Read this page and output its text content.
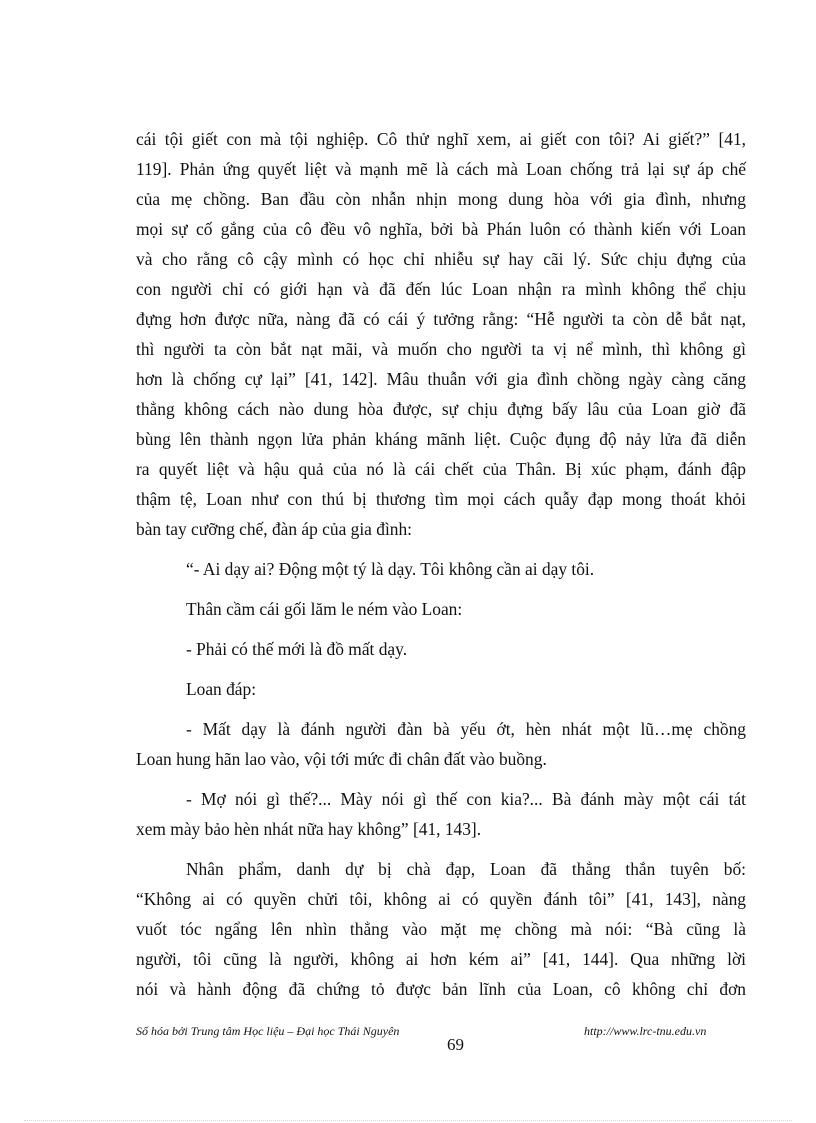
cái tội giết con mà tội nghiệp. Cô thử nghĩ xem, ai giết con tôi? Ai giết?” [41,
119]. Phản ứng quyết liệt và mạnh mẽ là cách mà Loan chống trả lại sự áp chế
của mẹ chồng. Ban đầu còn nhẫn nhịn mong dung hòa với gia đình, nhưng
mọi sự cố gắng của cô đều vô nghĩa, bởi bà Phán luôn có thành kiến với Loan
và cho rằng cô cậy mình có học chỉ nhiễu sự hay cãi lý. Sức chịu đựng của
con người chỉ có giới hạn và đã đến lúc Loan nhận ra mình không thể chịu
đựng hơn được nữa, nàng đã có cái ý tưởng rằng: “Hễ người ta còn dễ bắt nạt,
thì người ta còn bắt nạt mãi, và muốn cho người ta vị nể mình, thì không gì
hơn là chống cự lại” [41, 142]. Mâu thuẫn với gia đình chồng ngày càng căng
thẳng không cách nào dung hòa được, sự chịu đựng bấy lâu của Loan giờ đã
bùng lên thành ngọn lửa phản kháng mãnh liệt. Cuộc đụng độ nảy lửa đã diễn
ra quyết liệt và hậu quả của nó là cái chết của Thân. Bị xúc phạm, đánh đập
thậm tệ, Loan như con thú bị thương tìm mọi cách quẫy đạp mong thoát khỏi
bàn tay cưỡng chế, đàn áp của gia đình:
“- Ai dạy ai? Động một tý là dạy. Tôi không cần ai dạy tôi.
Thân cầm cái gối lăm le ném vào Loan:
- Phải có thế mới là đồ mất dạy.
Loan đáp:
- Mất dạy là đánh người đàn bà yếu ớt, hèn nhát một lũ…mẹ chồng
Loan hung hãn lao vào, vội tới mức đi chân đất vào buồng.
- Mợ nói gì thế?... Mày nói gì thế con kia?... Bà đánh mày một cái tát
xem mày bảo hèn nhát nữa hay không” [41, 143].
Nhân phẩm, danh dự bị chà đạp, Loan đã thẳng thắn tuyên bố:
“Không ai có quyền chửi tôi, không ai có quyền đánh tôi” [41, 143], nàng
vuốt tóc ngẩng lên nhìn thẳng vào mặt mẹ chồng mà nói: “Bà cũng là
người, tôi cũng là người, không ai hơn kém ai” [41, 144]. Qua những lời
nói và hành động đã chứng tỏ được bản lĩnh của Loan, cô không chỉ đơn
Số hóa bởi Trung tâm Học liệu – Đại học Thái Nguyên	http://www.lrc-tnu.edu.vn
69
